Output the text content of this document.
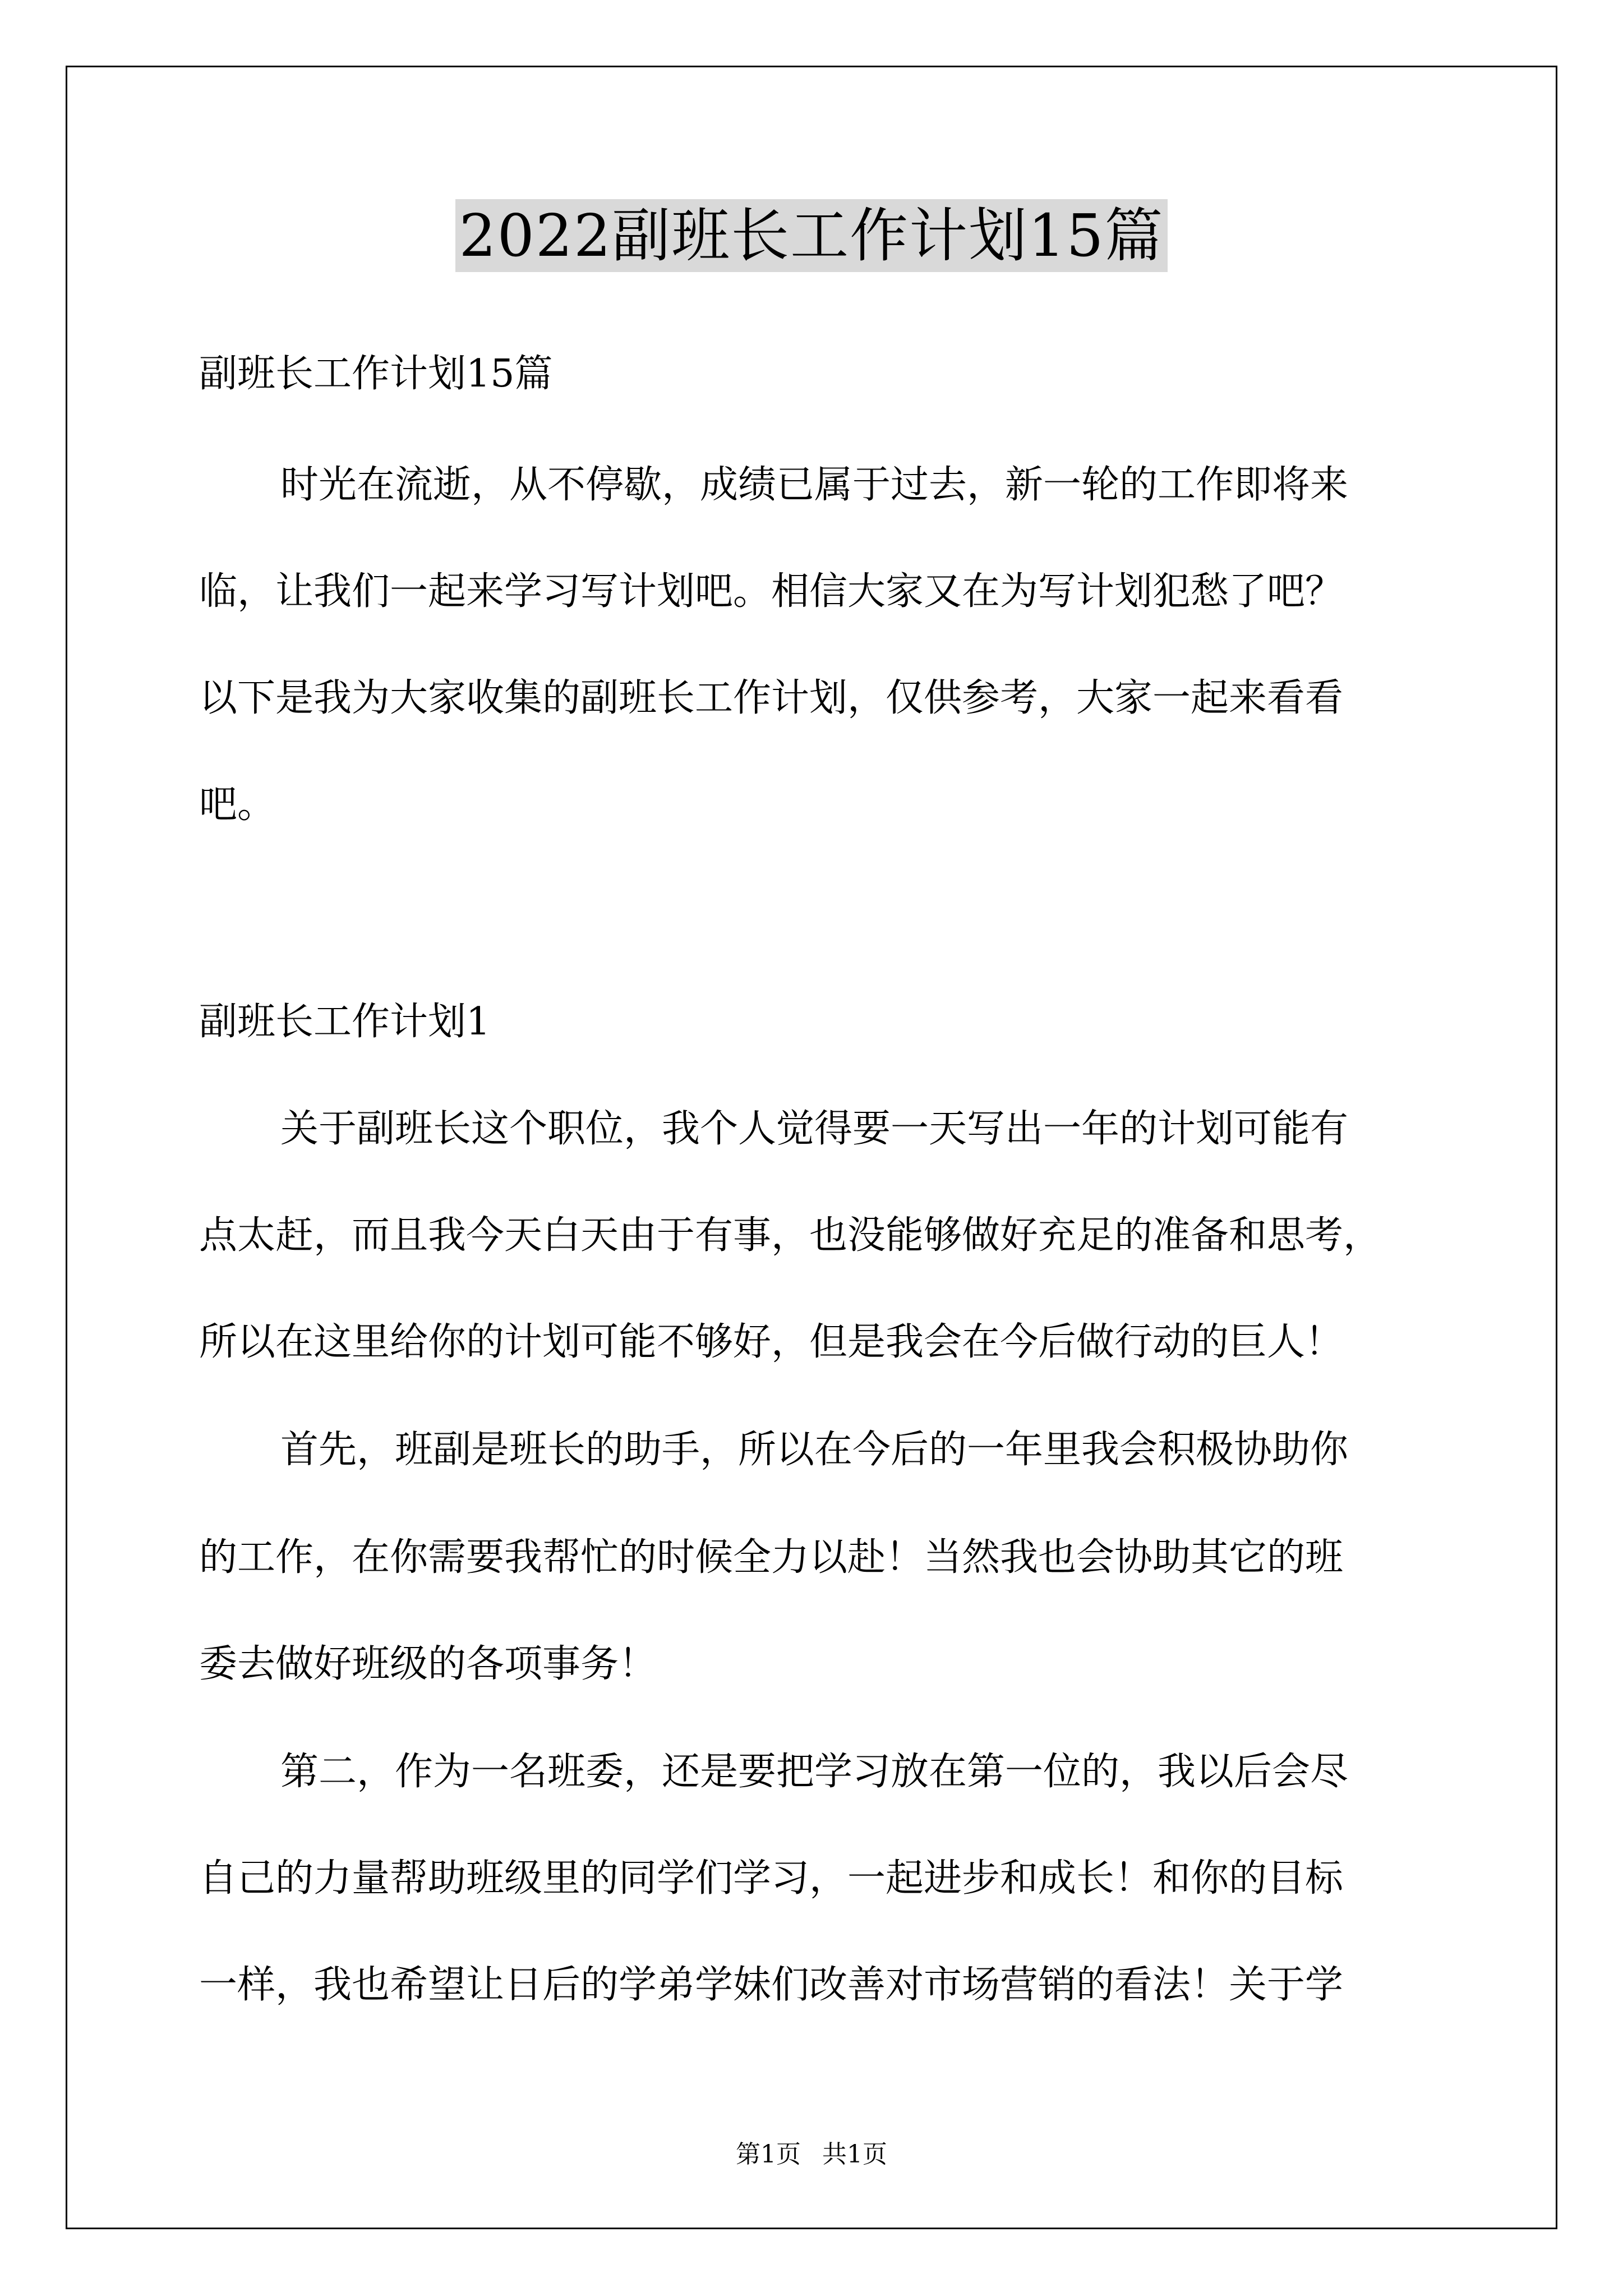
2022副班长工作计划15篇
副班长工作计划15篇
时光在流逝，从不停歇，成绩已属于过去，新一轮的工作即将来
临，让我们一起来学习写计划吧。相信大家又在为写计划犯愁了吧？
以下是我为大家收集的副班长工作计划，仅供参考，大家一起来看看
吧。
副班长工作计划1
关于副班长这个职位，我个人觉得要一天写出一年的计划可能有
点太赶，而且我今天白天由于有事，也没能够做好充足的准备和思考，
所以在这里给你的计划可能不够好，但是我会在今后做行动的巨人！
首先，班副是班长的助手，所以在今后的一年里我会积极协助你
的工作，在你需要我帮忙的时候全力以赴！当然我也会协助其它的班
委去做好班级的各项事务！
第二，作为一名班委，还是要把学习放在第一位的，我以后会尽
自己的力量帮助班级里的同学们学习，一起进步和成长！和你的目标
一样，我也希望让日后的学弟学妹们改善对市场营销的看法！关于学
第1页 共1页
